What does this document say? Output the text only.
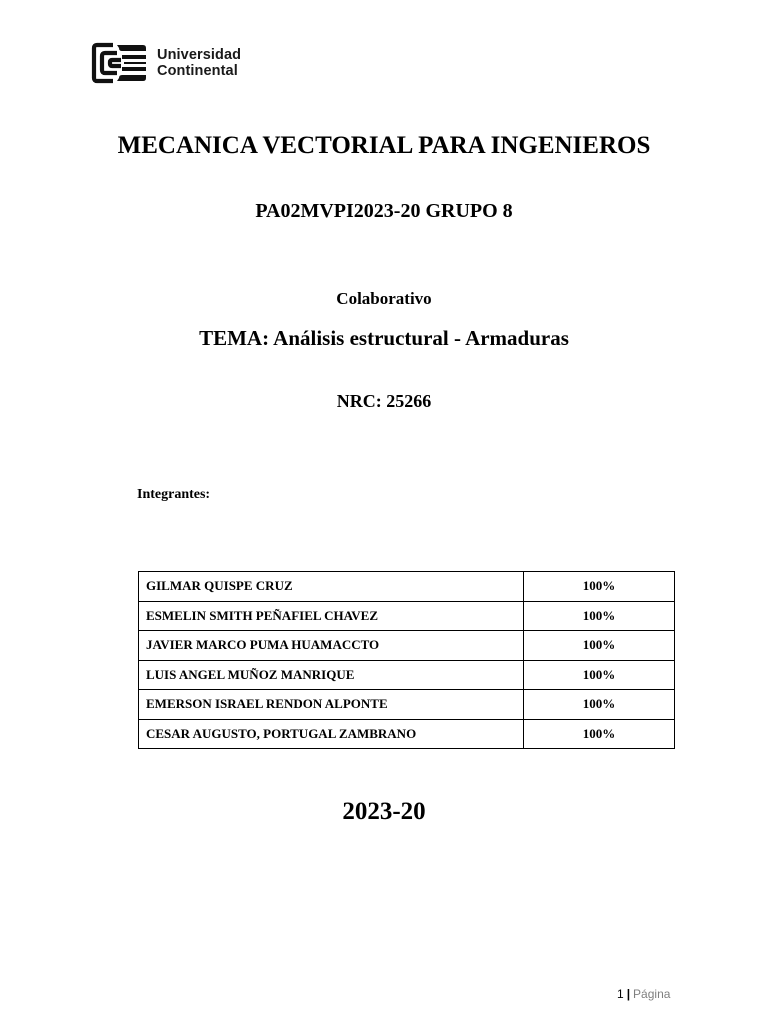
Universidad
Continental
MECANICA VECTORIAL PARA INGENIEROS
PA02MVPI2023-20 GRUPO 8
Colaborativo
TEMA: Análisis estructural - Armaduras
NRC: 25266
Integrantes:
GILMAR QUISPE CRUZ	100%
ESMELIN SMITH PEÑAFIEL CHAVEZ	100%
JAVIER MARCO PUMA HUAMACCTO	100%
LUIS ANGEL MUÑOZ MANRIQUE	100%
EMERSON ISRAEL RENDON ALPONTE	100%
CESAR AUGUSTO, PORTUGAL ZAMBRANO	100%
2023-20
1 | Página
